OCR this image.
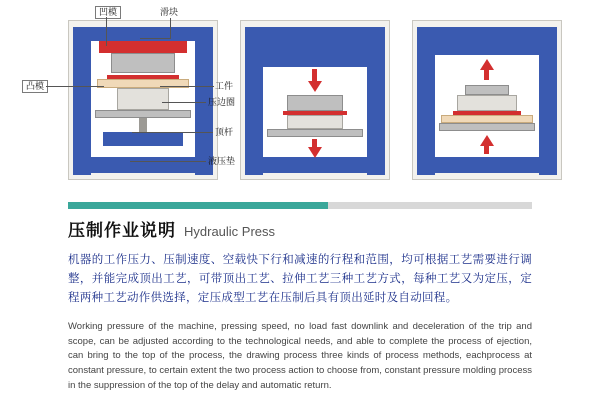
凹模	滑块
凸模	工件
压边圈
顶杆
液压垫
压制作业说明 Hydraulic Press

机器的工作压力、压制速度、空载快下行和减速的行程和范围，均可根据工艺需要进行调整，并能完成顶出工艺，可带顶出工艺、拉伸工艺三种工艺方式，每种工艺又为定压，定程两种工艺动作供选择，定压成型工艺在压制后具有顶出延时及自动回程。

Working pressure of the machine, pressing speed, no load fast downlink and deceleration of the trip and scope, can be adjusted according to the technological needs, and able to complete the process of ejection, can bring to the top of the process, the drawing process three kinds of process methods, eachprocess at constant pressure, to certain extent the two process action to choose from, constant pressure molding process in the suppression of the top of the delay and automatic return.
